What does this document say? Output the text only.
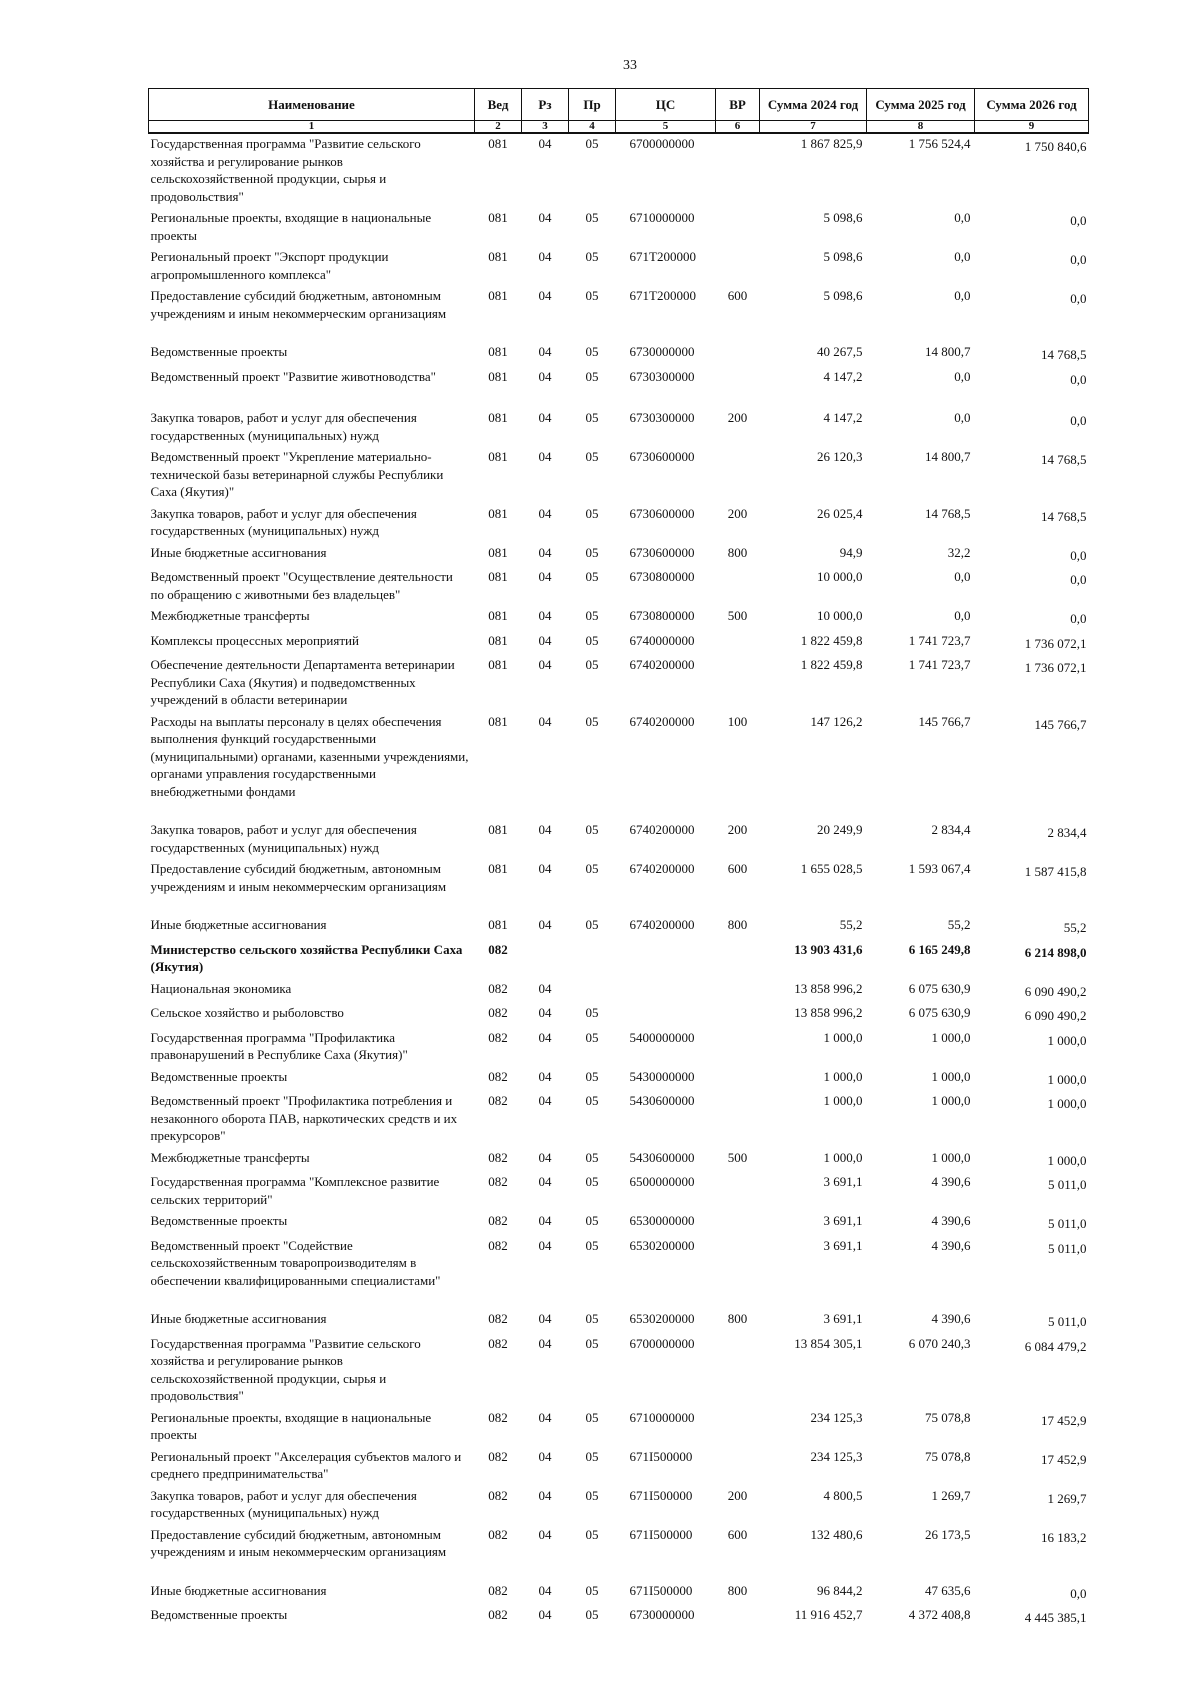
33
Наименование	Вед	Рз	Пр	ЦС	ВР	Сумма 2024 год	Сумма 2025 год	Сумма 2026 год
1	2	3	4	5	6	7	8	9
Государственная программа "Развитие сельского хозяйства и регулирование рынков сельскохозяйственной продукции, сырья и продовольствия"	081	04	05	6700000000		1 867 825,9	1 756 524,4	1 750 840,6
Региональные проекты, входящие в национальные проекты	081	04	05	6710000000		5 098,6	0,0	0,0
Региональный проект "Экспорт продукции агропромышленного комплекса"	081	04	05	671Т200000		5 098,6	0,0	0,0
Предоставление субсидий бюджетным, автономным учреждениям и иным некоммерческим организациям	081	04	05	671Т200000	600	5 098,6	0,0	0,0
Ведомственные проекты	081	04	05	6730000000		40 267,5	14 800,7	14 768,5
Ведомственный проект "Развитие животноводства"	081	04	05	6730300000		4 147,2	0,0	0,0
Закупка товаров, работ и услуг для обеспечения государственных (муниципальных) нужд	081	04	05	6730300000	200	4 147,2	0,0	0,0
Ведомственный проект "Укрепление материально-технической базы ветеринарной службы Республики Саха (Якутия)"	081	04	05	6730600000		26 120,3	14 800,7	14 768,5
Закупка товаров, работ и услуг для обеспечения государственных (муниципальных) нужд	081	04	05	6730600000	200	26 025,4	14 768,5	14 768,5
Иные бюджетные ассигнования	081	04	05	6730600000	800	94,9	32,2	0,0
Ведомственный проект "Осуществление деятельности по обращению с животными без владельцев"	081	04	05	6730800000		10 000,0	0,0	0,0
Межбюджетные трансферты	081	04	05	6730800000	500	10 000,0	0,0	0,0
Комплексы процессных мероприятий	081	04	05	6740000000		1 822 459,8	1 741 723,7	1 736 072,1
Обеспечение деятельности Департамента ветеринарии Республики Саха (Якутия) и подведомственных учреждений в области ветеринарии	081	04	05	6740200000		1 822 459,8	1 741 723,7	1 736 072,1
Расходы на выплаты персоналу в целях обеспечения выполнения функций государственными (муниципальными) органами, казенными учреждениями, органами управления государственными внебюджетными фондами	081	04	05	6740200000	100	147 126,2	145 766,7	145 766,7
Закупка товаров, работ и услуг для обеспечения государственных (муниципальных) нужд	081	04	05	6740200000	200	20 249,9	2 834,4	2 834,4
Предоставление субсидий бюджетным, автономным учреждениям и иным некоммерческим организациям	081	04	05	6740200000	600	1 655 028,5	1 593 067,4	1 587 415,8
Иные бюджетные ассигнования	081	04	05	6740200000	800	55,2	55,2	55,2
Министерство сельского хозяйства Республики Саха (Якутия)	082					13 903 431,6	6 165 249,8	6 214 898,0
Национальная экономика	082	04				13 858 996,2	6 075 630,9	6 090 490,2
Сельское хозяйство и рыболовство	082	04	05			13 858 996,2	6 075 630,9	6 090 490,2
Государственная программа "Профилактика правонарушений в Республике Саха (Якутия)"	082	04	05	5400000000		1 000,0	1 000,0	1 000,0
Ведомственные проекты	082	04	05	5430000000		1 000,0	1 000,0	1 000,0
Ведомственный проект "Профилактика потребления и незаконного оборота ПАВ, наркотических средств и их прекурсоров"	082	04	05	5430600000		1 000,0	1 000,0	1 000,0
Межбюджетные трансферты	082	04	05	5430600000	500	1 000,0	1 000,0	1 000,0
Государственная программа "Комплексное развитие сельских территорий"	082	04	05	6500000000		3 691,1	4 390,6	5 011,0
Ведомственные проекты	082	04	05	6530000000		3 691,1	4 390,6	5 011,0
Ведомственный проект "Содействие сельскохозяйственным товаропроизводителям в обеспечении квалифицированными специалистами"	082	04	05	6530200000		3 691,1	4 390,6	5 011,0
Иные бюджетные ассигнования	082	04	05	6530200000	800	3 691,1	4 390,6	5 011,0
Государственная программа "Развитие сельского хозяйства и регулирование рынков сельскохозяйственной продукции, сырья и продовольствия"	082	04	05	6700000000		13 854 305,1	6 070 240,3	6 084 479,2
Региональные проекты, входящие в национальные проекты	082	04	05	6710000000		234 125,3	75 078,8	17 452,9
Региональный проект "Акселерация субъектов малого и среднего предпринимательства"	082	04	05	671I500000		234 125,3	75 078,8	17 452,9
Закупка товаров, работ и услуг для обеспечения государственных (муниципальных) нужд	082	04	05	671I500000	200	4 800,5	1 269,7	1 269,7
Предоставление субсидий бюджетным, автономным учреждениям и иным некоммерческим организациям	082	04	05	671I500000	600	132 480,6	26 173,5	16 183,2
Иные бюджетные ассигнования	082	04	05	671I500000	800	96 844,2	47 635,6	0,0
Ведомственные проекты	082	04	05	6730000000		11 916 452,7	4 372 408,8	4 445 385,1
